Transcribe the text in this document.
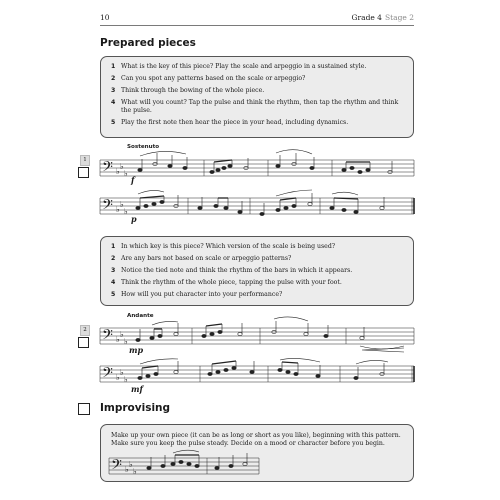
10	Grade 4 Stage 2
Prepared pieces
1 What is the key of this piece? Play the scale and arpeggio in a sustained style.
2 Can you spot any patterns based on the scale or arpeggio?
3 Think through the bowing of the whole piece.
4 What will you count? Tap the pulse and think the rhythm, then tap the rhythm and think the pulse.
5 Play the first note then hear the piece in your head, including dynamics.
1
Sostenuto
f
p
𝄢
𝄢
♭
♭
♭
♭
♭
♭
1 In which key is this piece? Which version of the scale is being used?
2 Are any bars not based on scale or arpeggio patterns?
3 Notice the tied note and think the rhythm of the bars in which it appears.
4 Think the rhythm of the whole piece, tapping the pulse with your foot.
5 How will you put character into your performance?
2
Andante
mp
mf
𝄢
𝄢
♭
♭
♭
♭
♭
♭
Improvising

Make up your own piece (it can be as long or short as you like), beginning with this pattern. Make sure you keep the pulse steady. Decide on a mood or character before you begin.

𝄢 ♭
♭
♭
